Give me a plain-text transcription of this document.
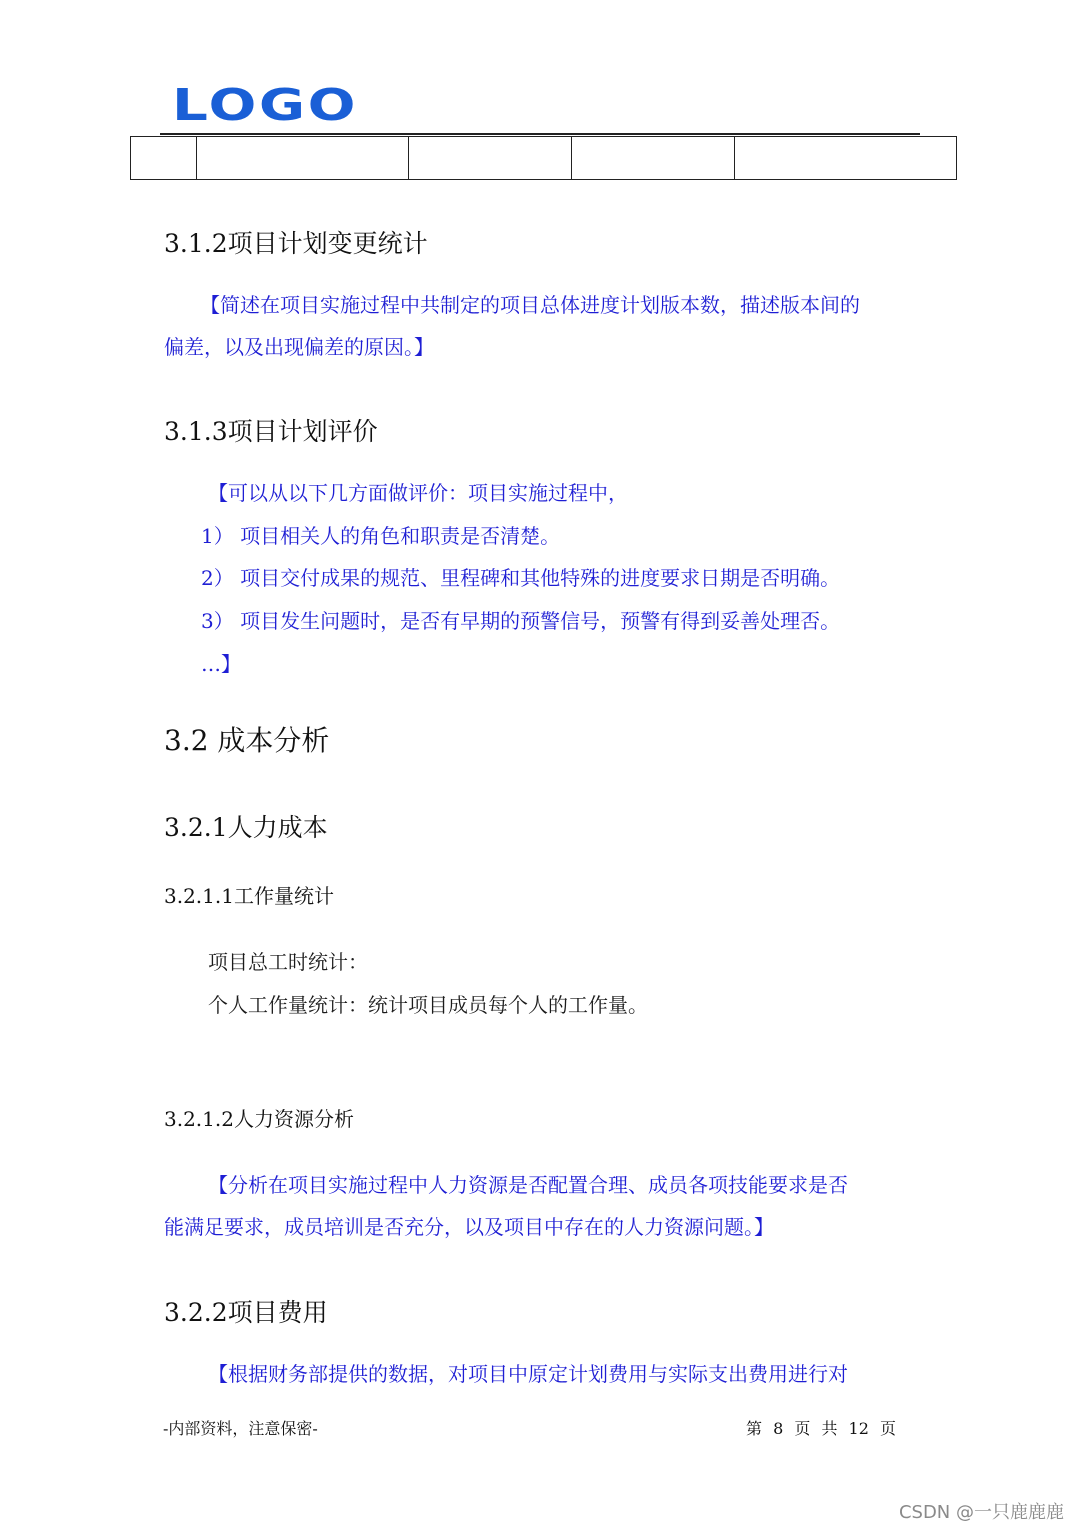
LOGO

3.1.2项目计划变更统计
【简述在项目实施过程中共制定的项目总体进度计划版本数，描述版本间的
偏差，以及出现偏差的原因。】
3.1.3项目计划评价
【可以从以下几方面做评价：项目实施过程中，
1） 项目相关人的角色和职责是否清楚。
2） 项目交付成果的规范、里程碑和其他特殊的进度要求日期是否明确。
3） 项目发生问题时，是否有早期的预警信号，预警有得到妥善处理否。
…】
3.2 成本分析
3.2.1人力成本
3.2.1.1工作量统计
项目总工时统计：
个人工作量统计：统计项目成员每个人的工作量。
3.2.1.2人力资源分析
【分析在项目实施过程中人力资源是否配置合理、成员各项技能要求是否
能满足要求，成员培训是否充分，以及项目中存在的人力资源问题。】
3.2.2项目费用
【根据财务部提供的数据，对项目中原定计划费用与实际支出费用进行对
-内部资料，注意保密-	第 8 页 共 12 页
CSDN @一只鹿鹿鹿
